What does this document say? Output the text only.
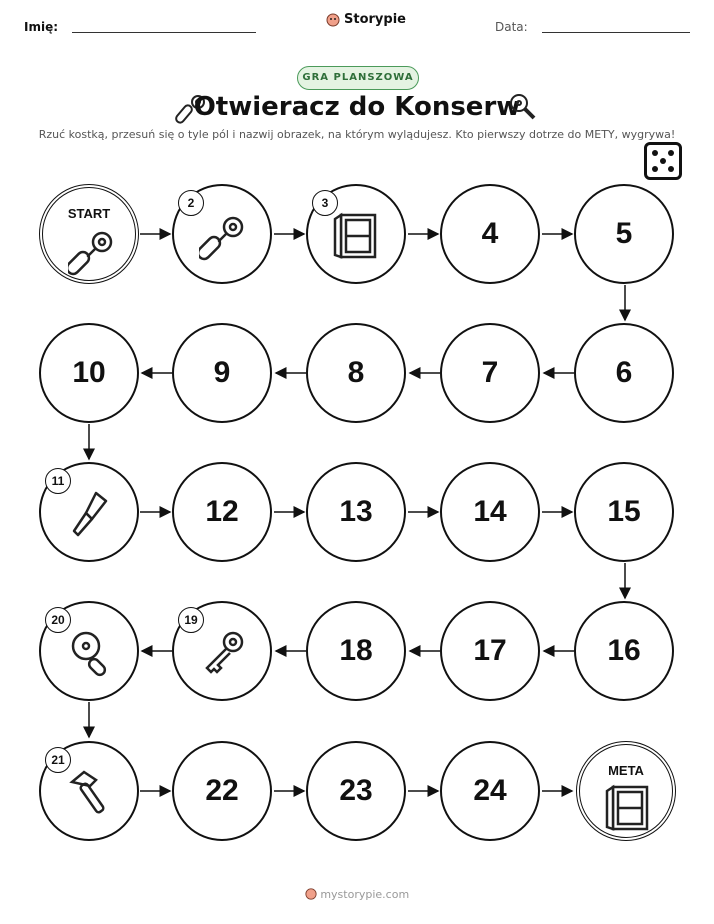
Imię:	Storypie	Data:
GRA PLANSZOWA
Otwieracz do Konserw
Rzuć kostką, przesuń się o tyle pól i nazwij obrazek, na którym wylądujesz. Kto pierwszy dotrze do METY, wygrywa!
START
2	3
4	5
10	9	8	7	6
11
12	13	14	15
20	19
18	17	16
21
22	23	24
META
mystorypie.com
